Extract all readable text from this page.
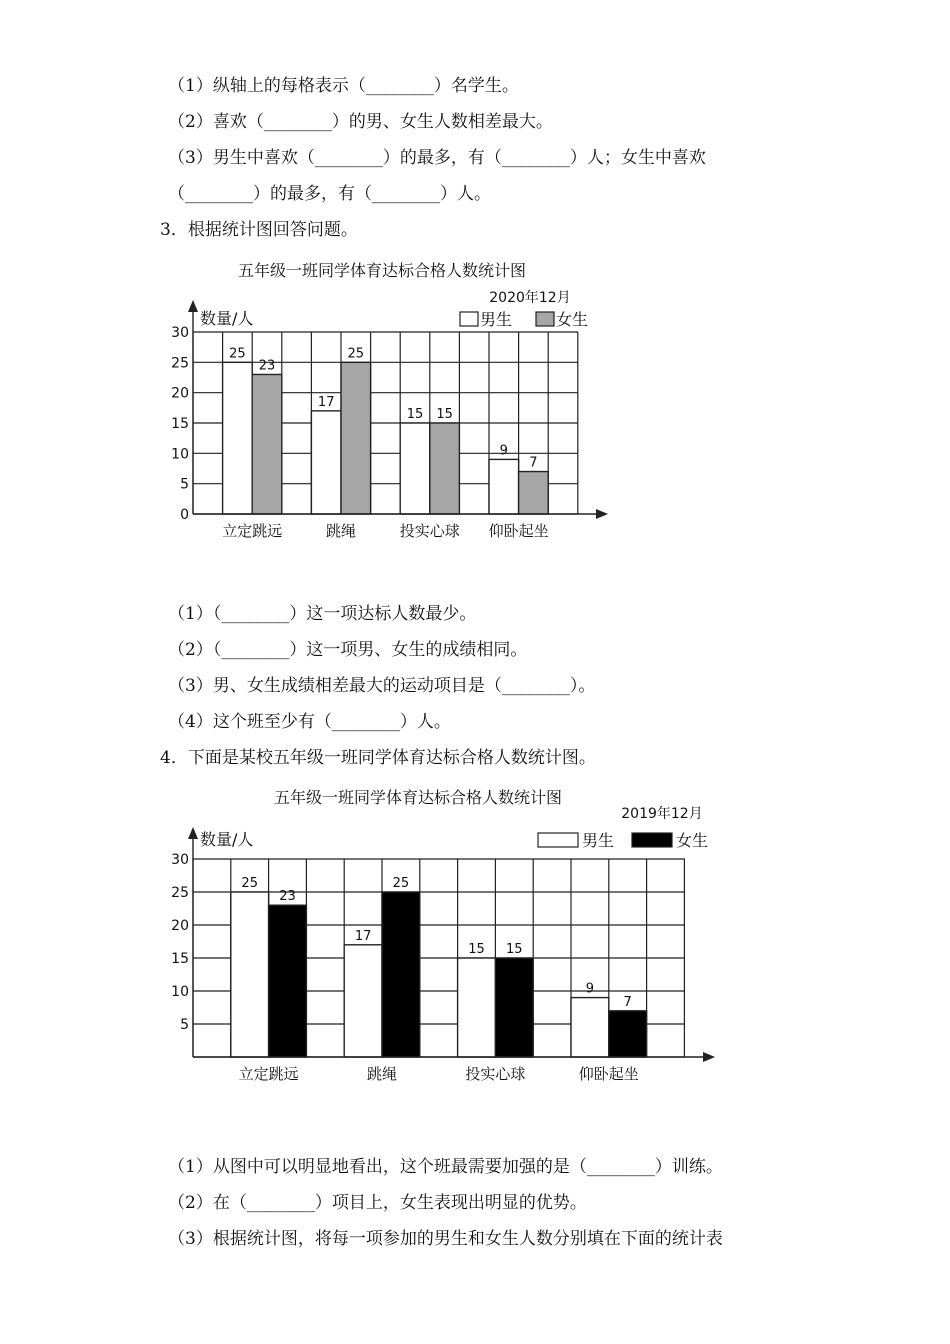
（1）纵轴上的每格表示（________）名学生。
（2）喜欢（________）的男、女生人数相差最大。
（3）男生中喜欢（________）的最多，有（________）人；女生中喜欢
（________）的最多，有（________）人。
3．根据统计图回答问题。
五年级一班同学体育达标合格人数统计图
2020年12月
25
23
立定跳远
17
25
跳绳
15 15
投实心球
9
7
仰卧起坐
0
5
10
15
20
25
30
数量/人	男生	女生
（1）（________）这一项达标人数最少。
（2）（________）这一项男、女生的成绩相同。
（3）男、女生成绩相差最大的运动项目是（________）。
（4）这个班至少有（________）人。
4．下面是某校五年级一班同学体育达标合格人数统计图。
五年级一班同学体育达标合格人数统计图
2019年12月
25
23
立定跳远
17
25
跳绳
15 15
投实心球
9
7
仰卧起坐
5
10
15
20
25
30
数量/人	男生	女生
（1）从图中可以明显地看出，这个班最需要加强的是（________）训练。
（2）在（________）项目上，女生表现出明显的优势。
（3）根据统计图，将每一项参加的男生和女生人数分别填在下面的统计表
